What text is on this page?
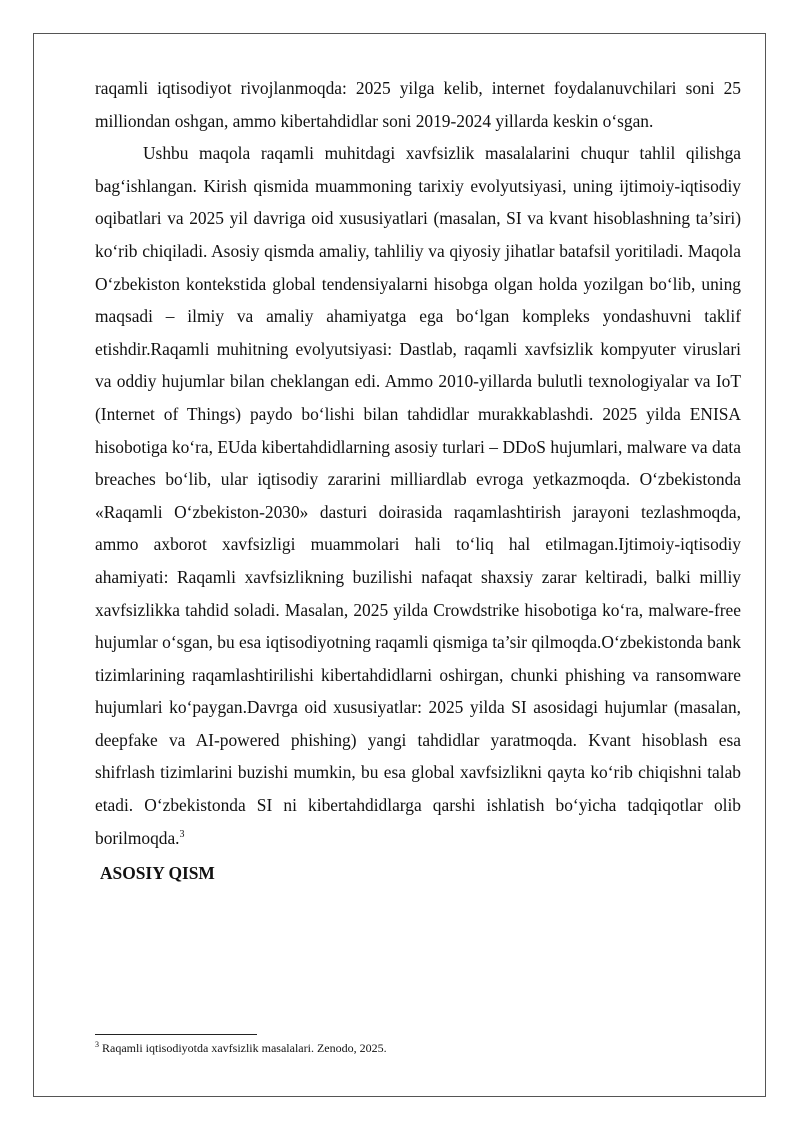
raqamli iqtisodiyot rivojlanmoqda: 2025 yilga kelib, internet foydalanuvchilari soni 25 milliondan oshgan, ammo kibertahdidlar soni 2019-2024 yillarda keskin o‘sgan.

Ushbu maqola raqamli muhitdagi xavfsizlik masalalarini chuqur tahlil qilishga bag‘ishlangan. Kirish qismida muammoning tarixiy evolyutsiyasi, uning ijtimoiy-iqtisodiy oqibatlari va 2025 yil davriga oid xususiyatlari (masalan, SI va kvant hisoblashning ta’siri) ko‘rib chiqiladi. Asosiy qismda amaliy, tahliliy va qiyosiy jihatlar batafsil yoritiladi. Maqola O‘zbekiston kontekstida global tendensiyalarni hisobga olgan holda yozilgan bo‘lib, uning maqsadi – ilmiy va amaliy ahamiyatga ega bo‘lgan kompleks yondashuvni taklif etishdir.Raqamli muhitning evolyutsiyasi: Dastlab, raqamli xavfsizlik kompyuter viruslari va oddiy hujumlar bilan cheklangan edi. Ammo 2010-yillarda bulutli texnologiyalar va IoT (Internet of Things) paydo bo‘lishi bilan tahdidlar murakkablashdi. 2025 yilda ENISA hisobotiga ko‘ra, EUda kibertahdidlarning asosiy turlari – DDoS hujumlari, malware va data breaches bo‘lib, ular iqtisodiy zararini milliardlab evroga yetkazmoqda. O‘zbekistonda «Raqamli O‘zbekiston-2030» dasturi doirasida raqamlashtirish jarayoni tezlashmoqda, ammo axborot xavfsizligi muammolari hali to‘liq hal etilmagan.Ijtimoiy-iqtisodiy ahamiyati: Raqamli xavfsizlikning buzilishi nafaqat shaxsiy zarar keltiradi, balki milliy xavfsizlikka tahdid soladi. Masalan, 2025 yilda Crowdstrike hisobotiga ko‘ra, malware-free hujumlar o‘sgan, bu esa iqtisodiyotning raqamli qismiga ta’sir qilmoqda.O‘zbekistonda bank tizimlarining raqamlashtirilishi kibertahdidlarni oshirgan, chunki phishing va ransomware hujumlari ko‘paygan.Davrga oid xususiyatlar: 2025 yilda SI asosidagi hujumlar (masalan, deepfake va AI-powered phishing) yangi tahdidlar yaratmoqda. Kvant hisoblash esa shifrlash tizimlarini buzishi mumkin, bu esa global xavfsizlikni qayta ko‘rib chiqishni talab etadi. O‘zbekistonda SI ni kibertahdidlarga qarshi ishlatish bo‘yicha tadqiqotlar olib borilmoqda.$^3$

ASOSIY QISM

$^3$ Raqamli iqtisodiyotda xavfsizlik masalalari. Zenodo, 2025.
